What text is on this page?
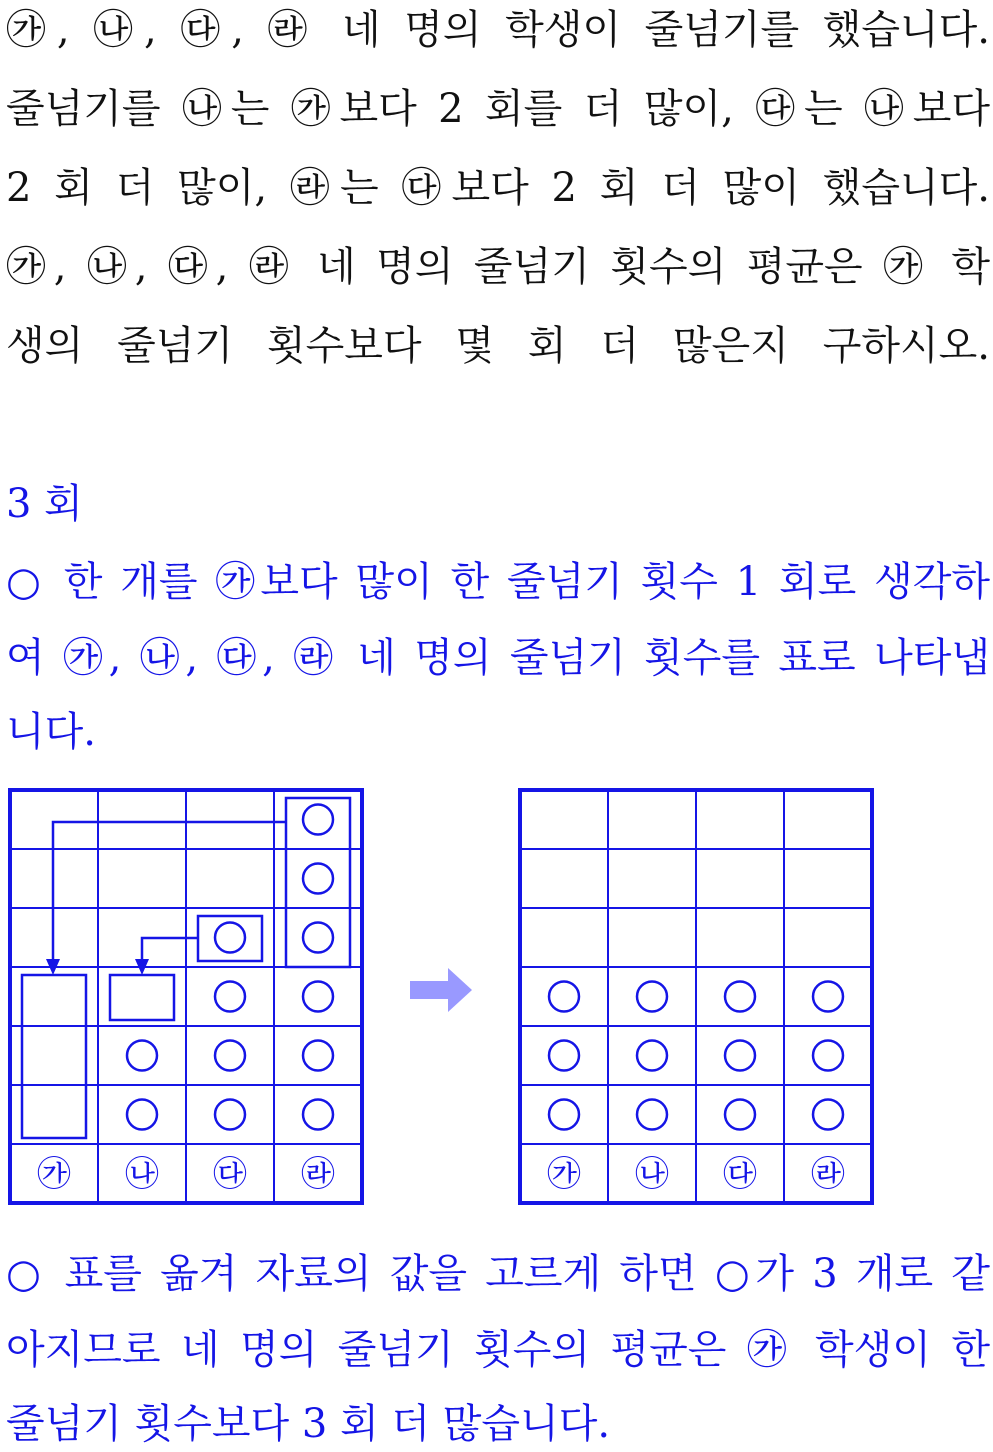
㉮, ㉯, ㉰, ㉱ 네 명의 학생이 줄넘기를 했습니다.
줄넘기를 ㉯는 ㉮보다 2 회를 더 많이, ㉰는 ㉯보다
2 회 더 많이, ㉱는 ㉰보다 2 회 더 많이 했습니다.
㉮, ㉯, ㉰, ㉱ 네 명의 줄넘기 횟수의 평균은 ㉮ 학
생의 줄넘기 횟수보다 몇 회 더 많은지 구하시오.
3 회
○ 한 개를 ㉮보다 많이 한 줄넘기 횟수 1 회로 생각하
여 ㉮, ㉯, ㉰, ㉱ 네 명의 줄넘기 횟수를 표로 나타냅
니다.
㉮ ㉯ ㉰ ㉱	㉮ ㉯ ㉰ ㉱
○ 표를 옮겨 자료의 값을 고르게 하면 ○가 3 개로 같
아지므로 네 명의 줄넘기 횟수의 평균은 ㉮ 학생이 한
줄넘기 횟수보다 3 회 더 많습니다.
